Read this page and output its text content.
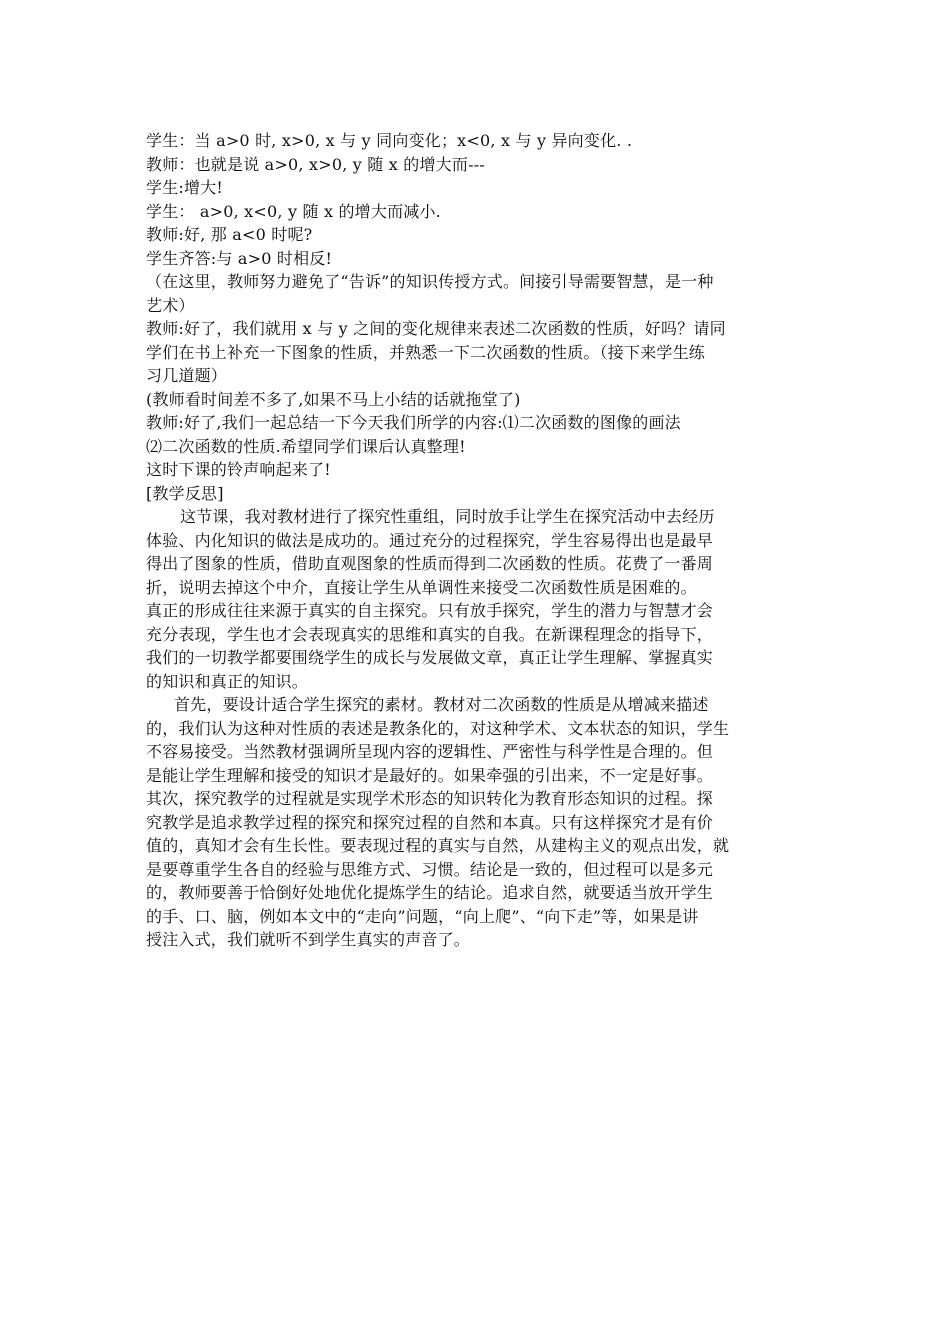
学生：当 a>0 时, x>0, x 与 y 同向变化；x<0, x 与 y 异向变化. .
教师：也就是说 a>0, x>0, y 随 x 的增大而---
学生:增大!
学生： a>0, x<0, y 随 x 的增大而减小.
教师:好, 那 a<0 时呢?
学生齐答:与 a>0 时相反!
（在这里，教师努力避免了“告诉”的知识传授方式。间接引导需要智慧，是一种
艺术）
教师:好了，我们就用 x 与 y 之间的变化规律来表述二次函数的性质，好吗？请同
学们在书上补充一下图象的性质，并熟悉一下二次函数的性质。（接下来学生练
习几道题）
(教师看时间差不多了,如果不马上小结的话就拖堂了)
教师:好了,我们一起总结一下今天我们所学的内容:⑴二次函数的图像的画法
⑵二次函数的性质.希望同学们课后认真整理!
这时下课的铃声响起来了!
[教学反思]
这节课，我对教材进行了探究性重组，同时放手让学生在探究活动中去经历
体验、内化知识的做法是成功的。通过充分的过程探究，学生容易得出也是最早
得出了图象的性质，借助直观图象的性质而得到二次函数的性质。花费了一番周
折，说明去掉这个中介，直接让学生从单调性来接受二次函数性质是困难的。
真正的形成往往来源于真实的自主探究。只有放手探究，学生的潜力与智慧才会
充分表现，学生也才会表现真实的思维和真实的自我。在新课程理念的指导下，
我们的一切教学都要围绕学生的成长与发展做文章，真正让学生理解、掌握真实
的知识和真正的知识。
首先，要设计适合学生探究的素材。教材对二次函数的性质是从增减来描述
的，我们认为这种对性质的表述是教条化的，对这种学术、文本状态的知识，学生
不容易接受。当然教材强调所呈现内容的逻辑性、严密性与科学性是合理的。但
是能让学生理解和接受的知识才是最好的。如果牵强的引出来，不一定是好事。
其次，探究教学的过程就是实现学术形态的知识转化为教育形态知识的过程。探
究教学是追求教学过程的探究和探究过程的自然和本真。只有这样探究才是有价
值的，真知才会有生长性。要表现过程的真实与自然，从建构主义的观点出发，就
是要尊重学生各自的经验与思维方式、习惯。结论是一致的，但过程可以是多元
的，教师要善于恰倒好处地优化提炼学生的结论。追求自然，就要适当放开学生
的手、口、脑，例如本文中的“走向”问题，“向上爬”、“向下走”等，如果是讲
授注入式，我们就听不到学生真实的声音了。
